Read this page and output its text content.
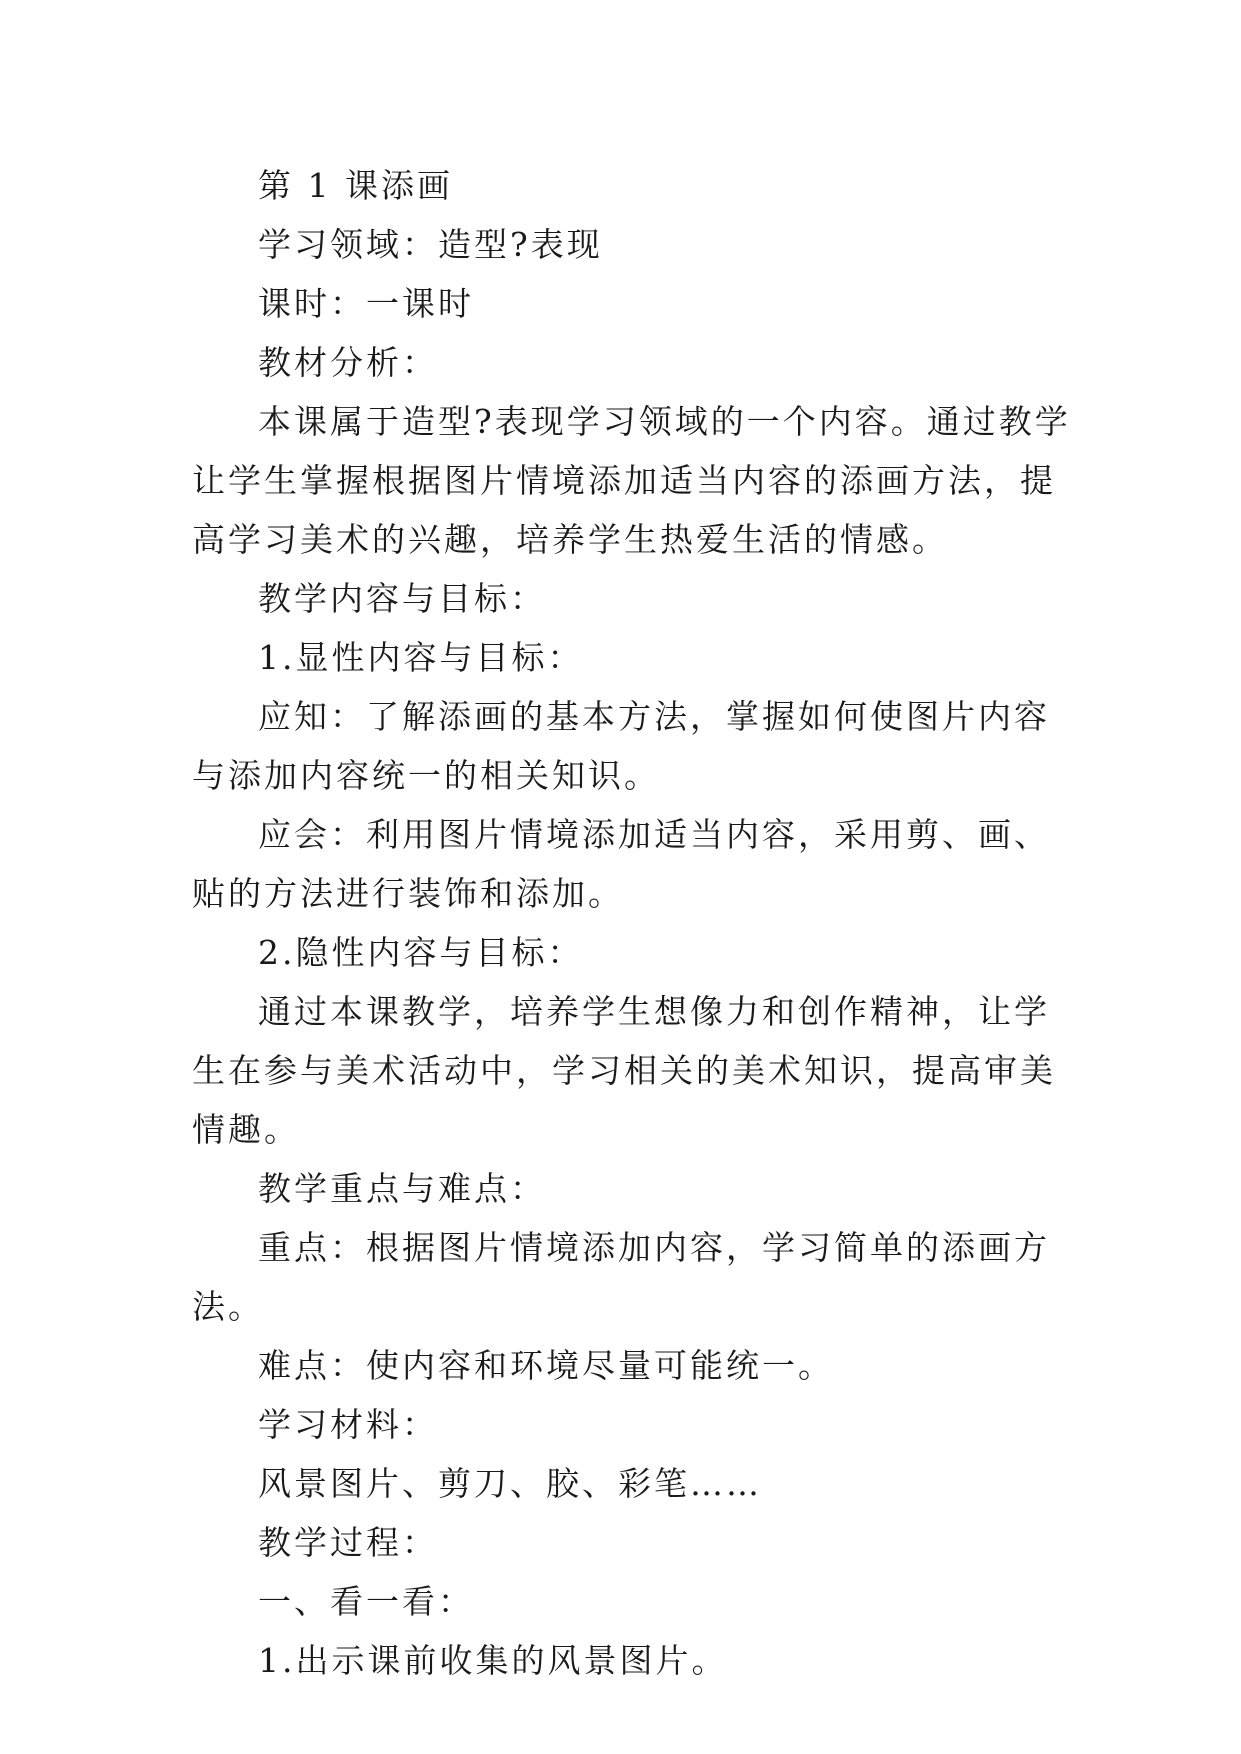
第 1 课添画

学习领域：造型?表现

课时：一课时

教材分析：

本课属于造型?表现学习领域的一个内容。通过教学让学生掌握根据图片情境添加适当内容的添画方法，提高学习美术的兴趣，培养学生热爱生活的情感。

教学内容与目标：

1.显性内容与目标：

应知：了解添画的基本方法，掌握如何使图片内容与添加内容统一的相关知识。

应会：利用图片情境添加适当内容，采用剪、画、贴的方法进行装饰和添加。

2.隐性内容与目标：

通过本课教学，培养学生想像力和创作精神，让学生在参与美术活动中，学习相关的美术知识，提高审美情趣。

教学重点与难点：

重点：根据图片情境添加内容，学习简单的添画方法。

难点：使内容和环境尽量可能统一。

学习材料：

风景图片、剪刀、胶、彩笔……

教学过程：

一、看一看：

1.出示课前收集的风景图片。
